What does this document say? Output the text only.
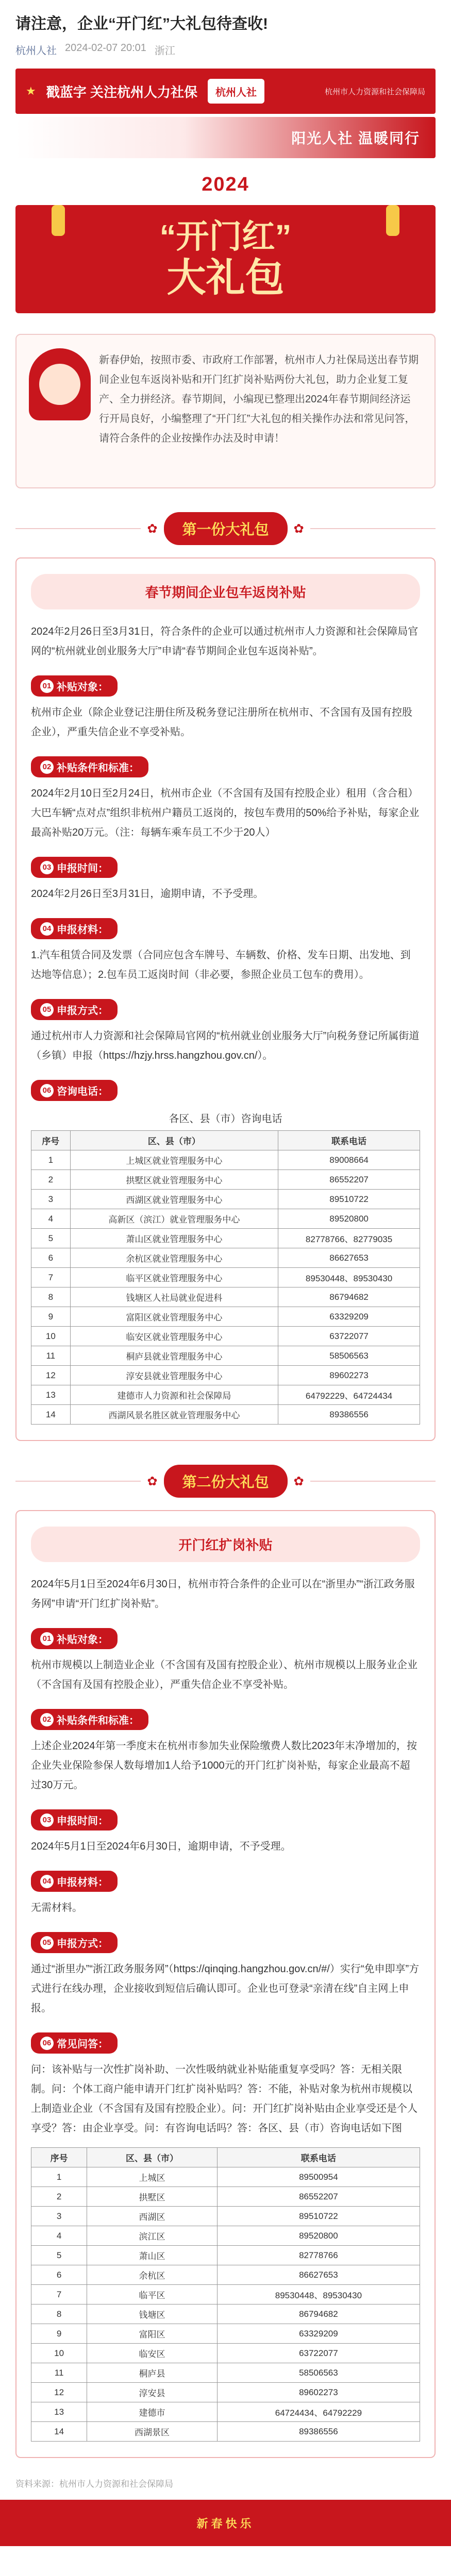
请注意，企业“开门红”大礼包待查收!
杭州人社 2024-02-07 20:01 浙江
★ 戳蓝字 关注杭州人力社保	杭州人社	杭州市人力资源和社会保障局
阳光人社 温暖同行
2024
“开门红”
大礼包

新春伊始，按照市委、市政府工作部署，杭州市人力社保局送出春节期间企业包车返岗补贴和开门红扩岗补贴两份大礼包，助力企业复工复产、全力拼经济。春节期间，小编现已整理出2024年春节期间经济运行开局良好，小编整理了“开门红”大礼包的相关操作办法和常见问答，请符合条件的企业按操作办法及时申请！

✿	第一份大礼包	✿
春节期间企业包车返岗补贴
2024年2月26日至3月31日，符合条件的企业可以通过杭州市人力资源和社会保障局官网的“杭州就业创业服务大厅”申请“春节期间企业包车返岗补贴”。
01 补贴对象：
杭州市企业（除企业登记注册住所及税务登记注册所在杭州市、不含国有及国有控股企业），严重失信企业不享受补贴。
02 补贴条件和标准：
2024年2月10日至2月24日，杭州市企业（不含国有及国有控股企业）租用（含合租）大巴车辆“点对点”组织非杭州户籍员工返岗的，按包车费用的50%给予补贴，每家企业最高补贴20万元。（注：每辆车乘车员工不少于20人）
03 申报时间：
2024年2月26日至3月31日，逾期申请，不予受理。
04 申报材料：
1.汽车租赁合同及发票（合同应包含车牌号、车辆数、价格、发车日期、出发地、到达地等信息）；2.包车员工返岗时间（非必要，参照企业员工包车的费用）。
05 申报方式：
通过杭州市人力资源和社会保障局官网的“杭州就业创业服务大厅”向税务登记所属街道（乡镇）申报（https://hzjy.hrss.hangzhou.gov.cn/）。
06 咨询电话：
各区、县（市）咨询电话
序号	区、县（市）	联系电话
1	上城区就业管理服务中心	89008664
2	拱墅区就业管理服务中心	86552207
3	西湖区就业管理服务中心	89510722
4	高新区（滨江）就业管理服务中心	89520800
5	萧山区就业管理服务中心	82778766、82779035
6	余杭区就业管理服务中心	86627653
7	临平区就业管理服务中心	89530448、89530430
8	钱塘区人社局就业促进科	86794682
9	富阳区就业管理服务中心	63329209
10	临安区就业管理服务中心	63722077
11	桐庐县就业管理服务中心	58506563
12	淳安县就业管理服务中心	89602273
13	建德市人力资源和社会保障局	64792229、64724434
14	西湖风景名胜区就业管理服务中心	89386556
✿	第二份大礼包	✿
开门红扩岗补贴
2024年5月1日至2024年6月30日，杭州市符合条件的企业可以在“浙里办”“浙江政务服务网”申请“开门红扩岗补贴”。
01 补贴对象：
杭州市规模以上制造业企业（不含国有及国有控股企业）、杭州市规模以上服务业企业（不含国有及国有控股企业），严重失信企业不享受补贴。
02 补贴条件和标准：
上述企业2024年第一季度末在杭州市参加失业保险缴费人数比2023年末净增加的，按企业失业保险参保人数每增加1人给予1000元的开门红扩岗补贴，每家企业最高不超过30万元。
03 申报时间：
2024年5月1日至2024年6月30日，逾期申请，不予受理。
04 申报材料：
无需材料。
05 申报方式：
通过“浙里办”“浙江政务服务网”（https://qinqing.hangzhou.gov.cn/#/）实行“免申即享”方式进行在线办理，企业接收到短信后确认即可。企业也可登录“亲清在线”自主网上申报。
06 常见问答：
问：该补贴与一次性扩岗补助、一次性吸纳就业补贴能重复享受吗？答：无相关限制。问：个体工商户能申请开门红扩岗补贴吗？答：不能，补贴对象为杭州市规模以上制造业企业（不含国有及国有控股企业）。问：开门红扩岗补贴由企业享受还是个人享受？答：由企业享受。问：有咨询电话吗？答：各区、县（市）咨询电话如下图
序号	区、县（市）	联系电话
1	上城区	89500954
2	拱墅区	86552207
3	西湖区	89510722
4	滨江区	89520800
5	萧山区	82778766
6	余杭区	86627653
7	临平区	89530448、89530430
8	钱塘区	86794682
9	富阳区	63329209
10	临安区	63722077
11	桐庐县	58506563
12	淳安县	89602273
13	建德市	64724434、64792229
14	西湖景区	89386556
资料来源：杭州市人力资源和社会保障局
新春快乐
